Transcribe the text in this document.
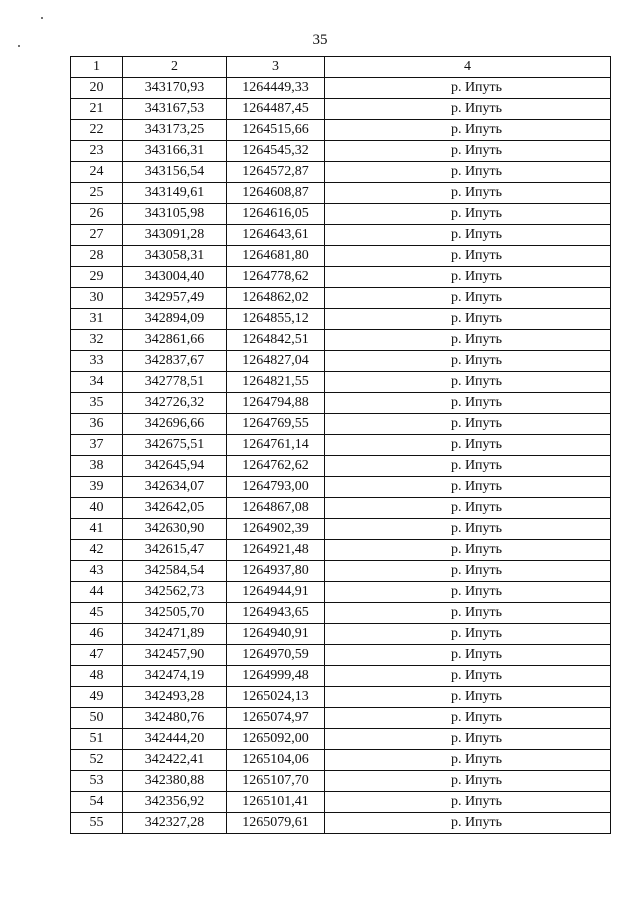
35
1	2	3	4
20	343170,93	1264449,33	р. Ипуть
21	343167,53	1264487,45	р. Ипуть
22	343173,25	1264515,66	р. Ипуть
23	343166,31	1264545,32	р. Ипуть
24	343156,54	1264572,87	р. Ипуть
25	343149,61	1264608,87	р. Ипуть
26	343105,98	1264616,05	р. Ипуть
27	343091,28	1264643,61	р. Ипуть
28	343058,31	1264681,80	р. Ипуть
29	343004,40	1264778,62	р. Ипуть
30	342957,49	1264862,02	р. Ипуть
31	342894,09	1264855,12	р. Ипуть
32	342861,66	1264842,51	р. Ипуть
33	342837,67	1264827,04	р. Ипуть
34	342778,51	1264821,55	р. Ипуть
35	342726,32	1264794,88	р. Ипуть
36	342696,66	1264769,55	р. Ипуть
37	342675,51	1264761,14	р. Ипуть
38	342645,94	1264762,62	р. Ипуть
39	342634,07	1264793,00	р. Ипуть
40	342642,05	1264867,08	р. Ипуть
41	342630,90	1264902,39	р. Ипуть
42	342615,47	1264921,48	р. Ипуть
43	342584,54	1264937,80	р. Ипуть
44	342562,73	1264944,91	р. Ипуть
45	342505,70	1264943,65	р. Ипуть
46	342471,89	1264940,91	р. Ипуть
47	342457,90	1264970,59	р. Ипуть
48	342474,19	1264999,48	р. Ипуть
49	342493,28	1265024,13	р. Ипуть
50	342480,76	1265074,97	р. Ипуть
51	342444,20	1265092,00	р. Ипуть
52	342422,41	1265104,06	р. Ипуть
53	342380,88	1265107,70	р. Ипуть
54	342356,92	1265101,41	р. Ипуть
55	342327,28	1265079,61	р. Ипуть
